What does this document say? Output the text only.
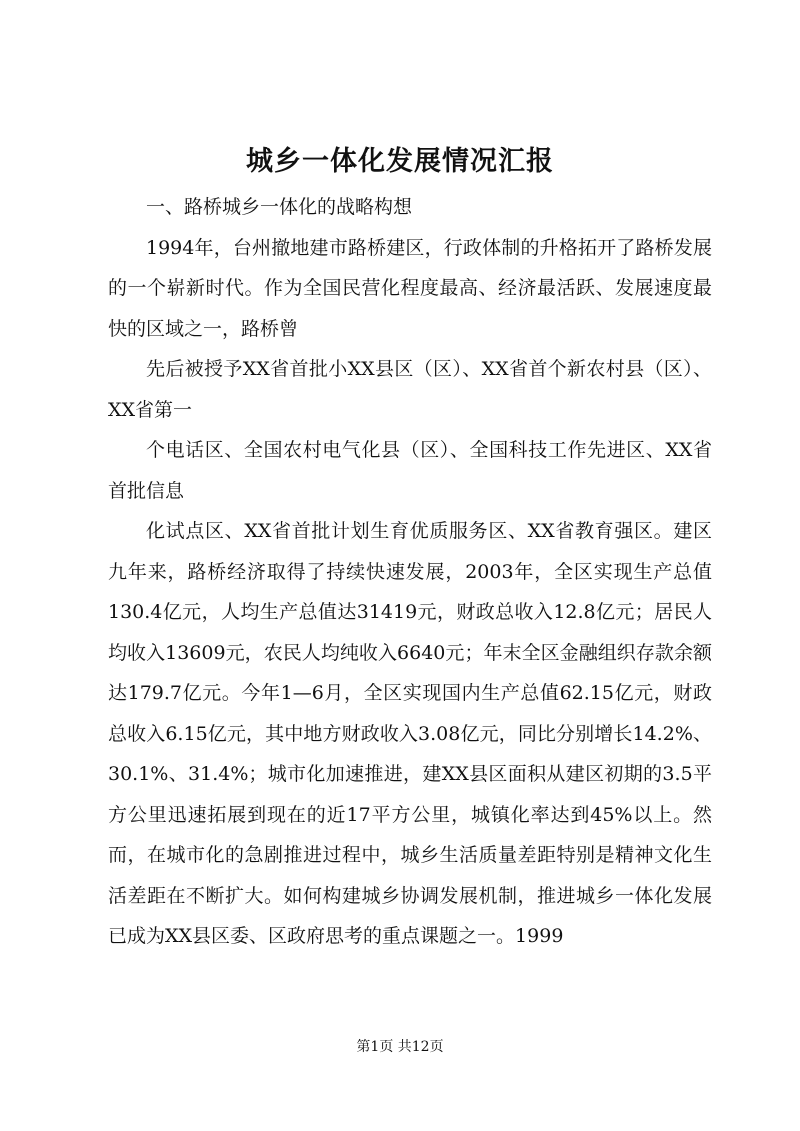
城乡一体化发展情况汇报

一、路桥城乡一体化的战略构想

1994年，台州撤地建市路桥建区，行政体制的升格拓开了路桥发展的一个崭新时代。作为全国民营化程度最高、经济最活跃、发展速度最快的区域之一，路桥曾

先后被授予XX省首批小XX县区（区）、XX省首个新农村县（区）、XX省第一

个电话区、全国农村电气化县（区）、全国科技工作先进区、XX省首批信息

化试点区、XX省首批计划生育优质服务区、XX省教育强区。建区九年来，路桥经济取得了持续快速发展，2003年，全区实现生产总值130.4亿元，人均生产总值达31419元，财政总收入12.8亿元；居民人均收入13609元，农民人均纯收入6640元；年末全区金融组织存款余额达179.7亿元。今年1—6月，全区实现国内生产总值62.15亿元，财政总收入6.15亿元，其中地方财政收入3.08亿元，同比分别增长14.2%、30.1%、31.4%；城市化加速推进，建XX县区面积从建区初期的3.5平方公里迅速拓展到现在的近17平方公里，城镇化率达到45%以上。然而，在城市化的急剧推进过程中，城乡生活质量差距特别是精神文化生活差距在不断扩大。如何构建城乡协调发展机制，推进城乡一体化发展已成为XX县区委、区政府思考的重点课题之一。1999

第1页 共12页
